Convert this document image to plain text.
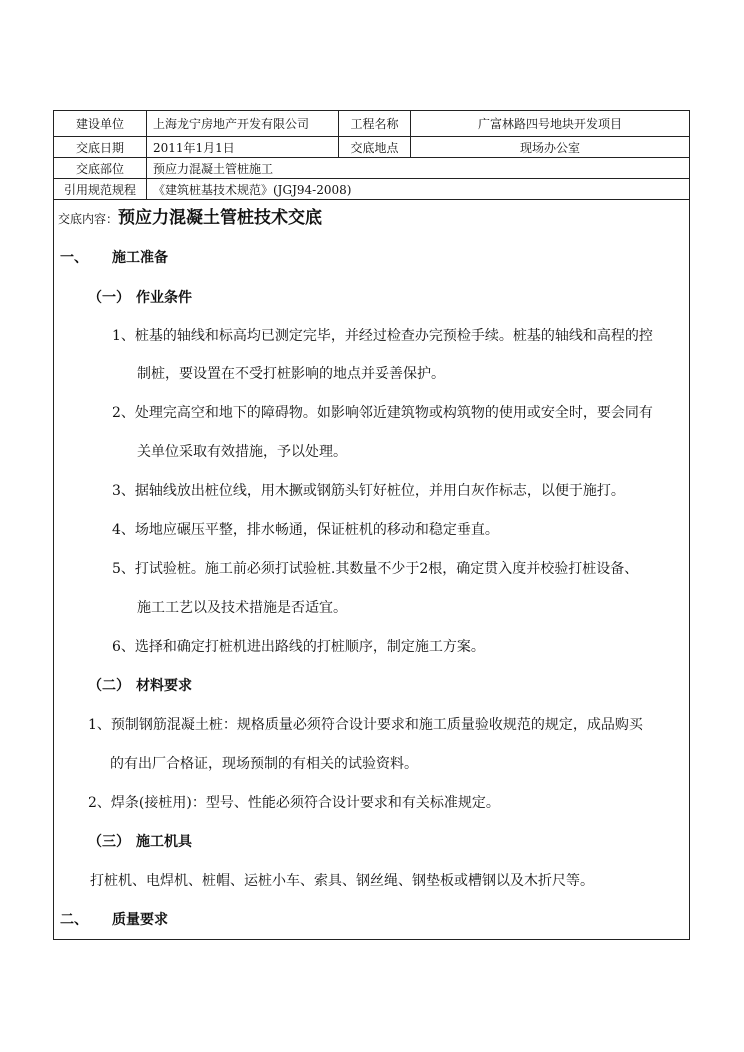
建设单位	上海龙宁房地产开发有限公司	工程名称	广富林路四号地块开发项目
交底日期	2011年1月1日	交底地点	现场办公室
交底部位	预应力混凝土管桩施工		
引用规范规程	《建筑桩基技术规范》(JGJ94-2008)		
交底内容：预应力混凝土管桩技术交底
一、 施工准备
（一） 作业条件
1、桩基的轴线和标高均已测定完毕，并经过检查办完预检手续。桩基的轴线和高程的控
制桩，要设置在不受打桩影响的地点并妥善保护。
2、处理完高空和地下的障碍物。如影响邻近建筑物或构筑物的使用或安全时，要会同有
关单位采取有效措施，予以处理。
3、据轴线放出桩位线，用木撅或钢筋头钉好桩位，并用白灰作标志，以便于施打。
4、场地应碾压平整，排水畅通，保证桩机的移动和稳定垂直。
5、打试验桩。施工前必须打试验桩.其数量不少于2根，确定贯入度并校验打桩设备、
施工工艺以及技术措施是否适宜。
6、选择和确定打桩机进出路线的打桩顺序，制定施工方案。
（二） 材料要求
1、预制钢筋混凝土桩：规格质量必须符合设计要求和施工质量验收规范的规定，成品购买
的有出厂合格证，现场预制的有相关的试验资料。
2、焊条(接桩用)：型号、性能必须符合设计要求和有关标准规定。
（三） 施工机具
打桩机、电焊机、桩帽、运桩小车、索具、钢丝绳、钢垫板或槽钢以及木折尺等。
二、 质量要求
